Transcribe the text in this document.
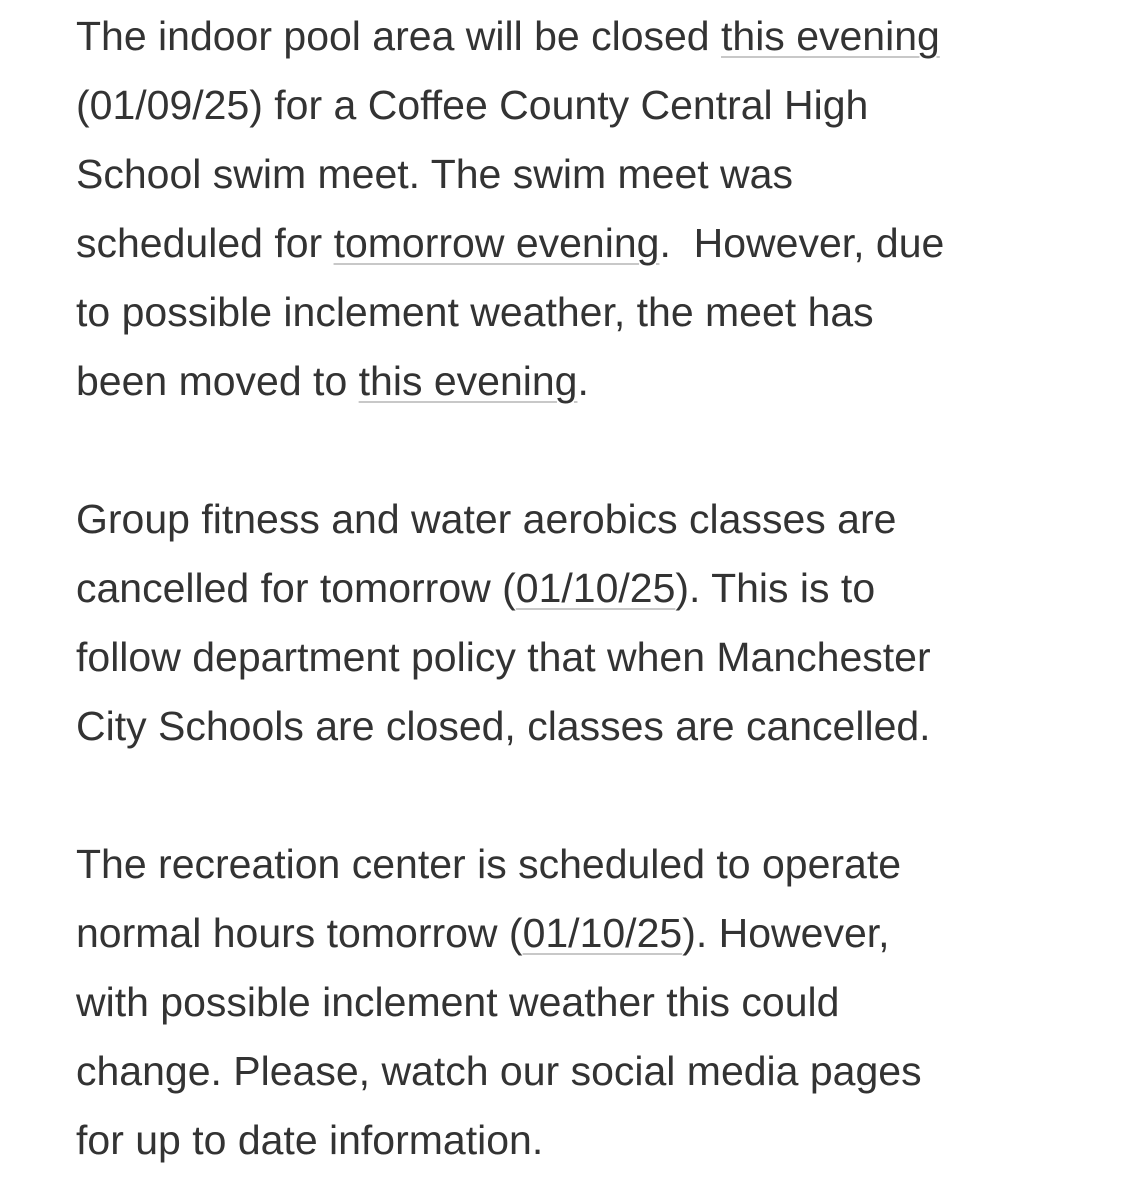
The indoor pool area will be closed this evening
(01/09/25) for a Coffee County Central High
School swim meet. The swim meet was
scheduled for tomorrow evening.  However, due
to possible inclement weather, the meet has
been moved to this evening.

Group fitness and water aerobics classes are
cancelled for tomorrow (01/10/25). This is to
follow department policy that when Manchester
City Schools are closed, classes are cancelled.

The recreation center is scheduled to operate
normal hours tomorrow (01/10/25). However,
with possible inclement weather this could
change. Please, watch our social media pages
for up to date information.
